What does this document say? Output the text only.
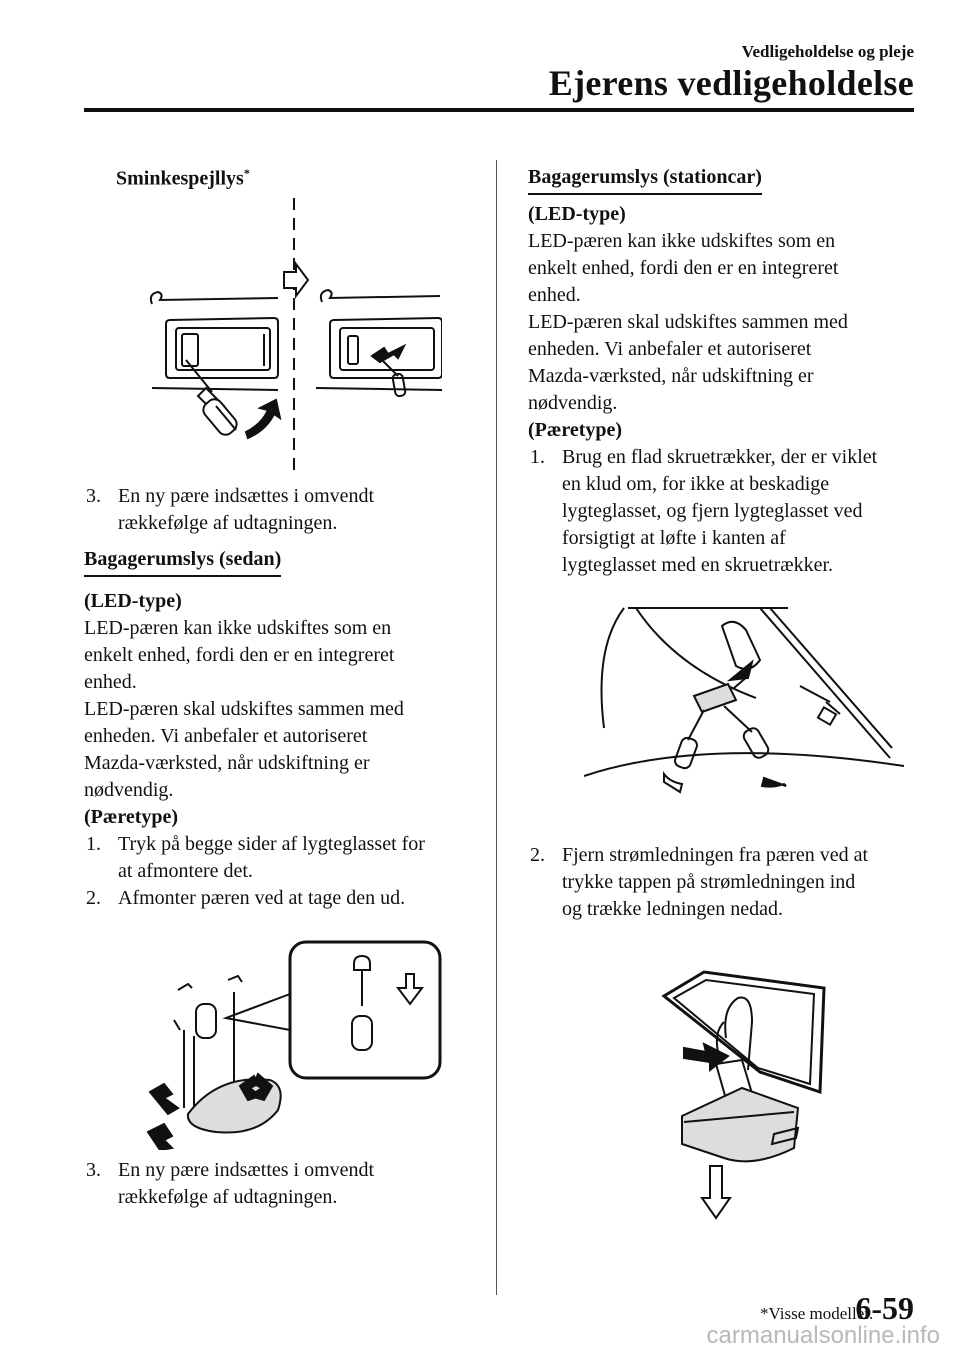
Vedligeholdelse og pleje
Ejerens vedligeholdelse
Sminkespejllys*
3. En ny pære indsættes i omvendt
rækkefølge af udtagningen.
Bagagerumslys (sedan)
(LED-type)
LED-pæren kan ikke udskiftes som en
enkelt enhed, fordi den er en integreret
enhed.
LED-pæren skal udskiftes sammen med
enheden. Vi anbefaler et autoriseret
Mazda-værksted, når udskiftning er
nødvendig.
(Pæretype)
1. Tryk på begge sider af lygteglasset for
at afmontere det.
2. Afmonter pæren ved at tage den ud.
3. En ny pære indsættes i omvendt
rækkefølge af udtagningen.
Bagagerumslys (stationcar)
(LED-type)
LED-pæren kan ikke udskiftes som en
enkelt enhed, fordi den er en integreret
enhed.
LED-pæren skal udskiftes sammen med
enheden. Vi anbefaler et autoriseret
Mazda-værksted, når udskiftning er
nødvendig.
(Pæretype)
1. Brug en flad skruetrækker, der er viklet
en klud om, for ikke at beskadige
lygteglasset, og fjern lygteglasset ved
forsigtigt at løfte i kanten af
lygteglasset med en skruetrækker.
2. Fjern strømledningen fra pæren ved at
trykke tappen på strømledningen ind
og trække ledningen nedad.
*Visse modeller.
6-59
carmanualsonline.info
